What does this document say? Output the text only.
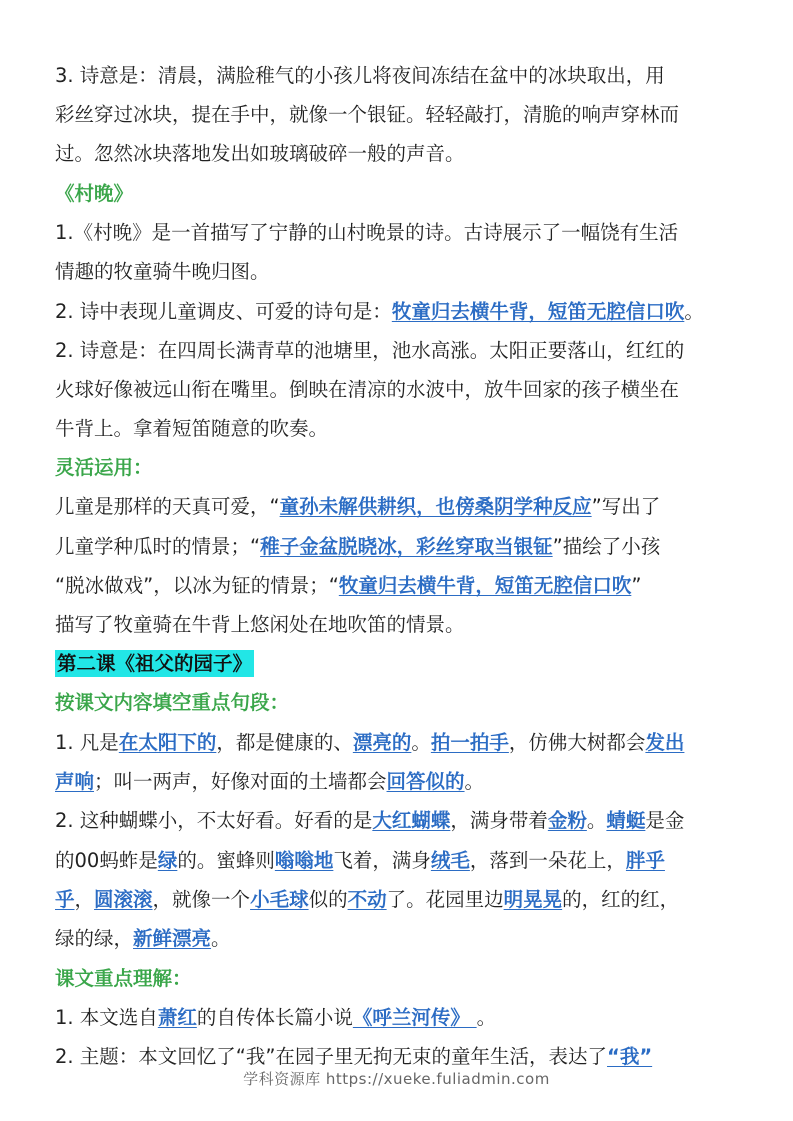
3. 诗意是：清晨，满脸稚气的小孩儿将夜间冻结在盆中的冰块取出，用
彩丝穿过冰块，提在手中，就像一个银钲。轻轻敲打，清脆的响声穿林而
过。忽然冰块落地发出如玻璃破碎一般的声音。
《村晚》
1.《村晚》是一首描写了宁静的山村晚景的诗。古诗展示了一幅饶有生活
情趣的牧童骑牛晚归图。
2. 诗中表现儿童调皮、可爱的诗句是：牧童归去横牛背，短笛无腔信口吹。
2. 诗意是：在四周长满青草的池塘里，池水高涨。太阳正要落山，红红的
火球好像被远山衔在嘴里。倒映在清凉的水波中，放牛回家的孩子横坐在
牛背上。拿着短笛随意的吹奏。
灵活运用：
儿童是那样的天真可爱，“童孙未解供耕织，也傍桑阴学种反应”写出了
儿童学种瓜时的情景；“稚子金盆脱晓冰，彩丝穿取当银钲”描绘了小孩
“脱冰做戏”，以冰为钲的情景；“牧童归去横牛背，短笛无腔信口吹”
描写了牧童骑在牛背上悠闲处在地吹笛的情景。
第二课《祖父的园子》
按课文内容填空重点句段：
1. 凡是在太阳下的，都是健康的、漂亮的。拍一拍手，仿佛大树都会发出
声响；叫一两声，好像对面的土墙都会回答似的。
2. 这种蝴蝶小，不太好看。好看的是大红蝴蝶，满身带着金粉。蜻蜓是金
的00蚂蚱是绿的。蜜蜂则嗡嗡地飞着，满身绒毛，落到一朵花上，胖乎
乎，圆滚滚，就像一个小毛球似的不动了。花园里边明晃晃的，红的红，
绿的绿，新鲜漂亮。
课文重点理解：
1. 本文选自萧红的自传体长篇小说《呼兰河传》 。
2. 主题：本文回忆了“我”在园子里无拘无束的童年生活，表达了“我”
学科资源库 https://xueke.fuliadmin.com
